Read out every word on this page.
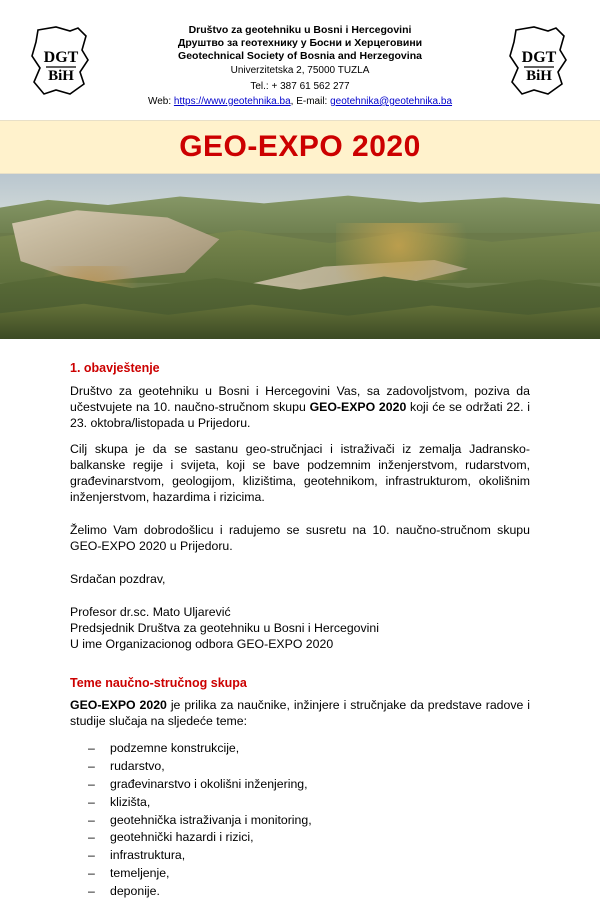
DGT
BiH
Društvo za geotehniku u Bosni i Hercegovini
Друштво за геотехнику у Босни и Херцеговини
Geotechnical Society of Bosnia and Herzegovina
Univerzitetska 2, 75000 TUZLA
Tel.: + 387 61 562 277
Web: https://www.geotehnika.ba, E-mail: geotehnika@geotehnika.ba
DGT
BiH
GEO-EXPO 2020
1. obavještenje

Društvo za geotehniku u Bosni i Hercegovini Vas, sa zadovoljstvom, poziva da učestvujete na 10. naučno-stručnom skupu GEO-EXPO 2020 koji će se održati 22. i 23. oktobra/listopada u Prijedoru.

Cilj skupa je da se sastanu geo-stručnjaci i istraživači iz zemalja Jadransko-balkanske regije i svijeta, koji se bave podzemnim inženjerstvom, rudarstvom, građevinarstvom, geologijom, klizištima, geotehnikom, infrastrukturom, okolišnim inženjerstvom, hazardima i rizicima.

Želimo Vam dobrodošlicu i radujemo se susretu na 10. naučno-stručnom skupu GEO-EXPO 2020 u Prijedoru.

Srdačan pozdrav,

Profesor dr.sc. Mato Uljarević

Predsjednik Društva za geotehniku u Bosni i Hercegovini

U ime Organizacionog odbora GEO-EXPO 2020

Teme naučno-stručnog skupa

GEO-EXPO 2020 je prilika za naučnike, inžinjere i stručnjake da predstave radove i studije slučaja na sljedeće teme:

– podzemne konstrukcije,
– rudarstvo,
– građevinarstvo i okolišni inženjering,
– klizišta,
– geotehnička istraživanja i monitoring,
– geotehnički hazardi i rizici,
– infrastruktura,
– temeljenje,
– deponije.
